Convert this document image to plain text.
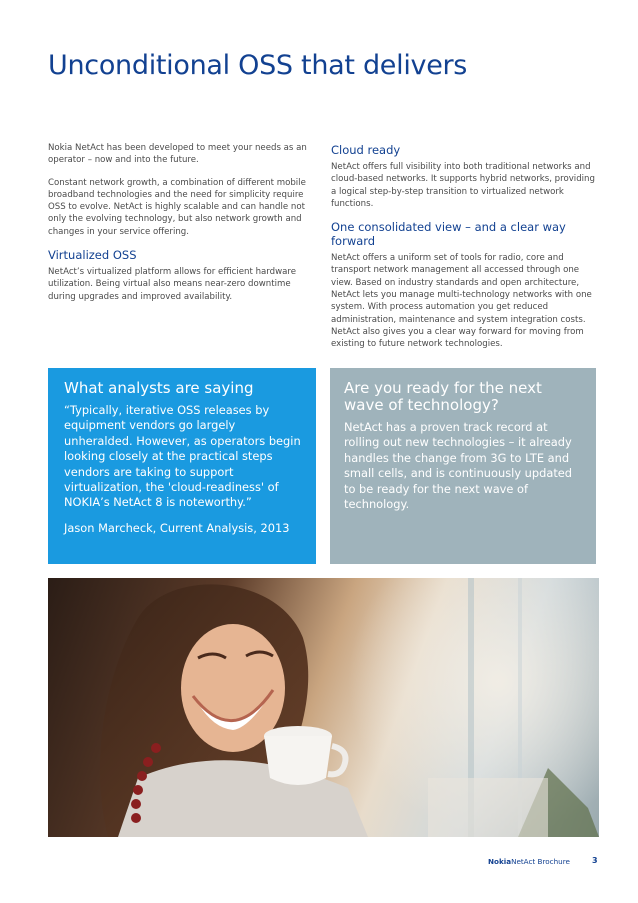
Unconditional OSS that delivers

Nokia NetAct has been developed to meet your needs as an operator – now and into the future.

Constant network growth, a combination of different mobile broadband technologies and the need for simplicity require OSS to evolve. NetAct is highly scalable and can handle not only the evolving technology, but also network growth and changes in your service offering.

Virtualized OSS

NetAct’s virtualized platform allows for efficient hardware utilization. Being virtual also means near-zero downtime during upgrades and improved availability.

Cloud ready

NetAct offers full visibility into both traditional networks and cloud-based networks. It supports hybrid networks, providing a logical step-by-step transition to virtualized network functions.

One consolidated view – and a clear way forward

NetAct offers a uniform set of tools for radio, core and transport network management all accessed through one view. Based on industry standards and open architecture, NetAct lets you manage multi-technology networks with one system. With process automation you get reduced administration, maintenance and system integration costs. NetAct also gives you a clear way forward for moving from existing to future network technologies.

What analysts are saying

“Typically, iterative OSS releases by equipment vendors go largely unheralded. However, as operators begin looking closely at the practical steps vendors are taking to support virtualization, the 'cloud-readiness' of NOKIA’s NetAct 8 is noteworthy.”

Jason Marcheck, Current Analysis, 2013

Are you ready for the next wave of technology?

NetAct has a proven track record at rolling out new technologies – it already handles the change from 3G to LTE and small cells, and is continuously updated to be ready for the next wave of technology.

NokiaNetAct Brochure	3
